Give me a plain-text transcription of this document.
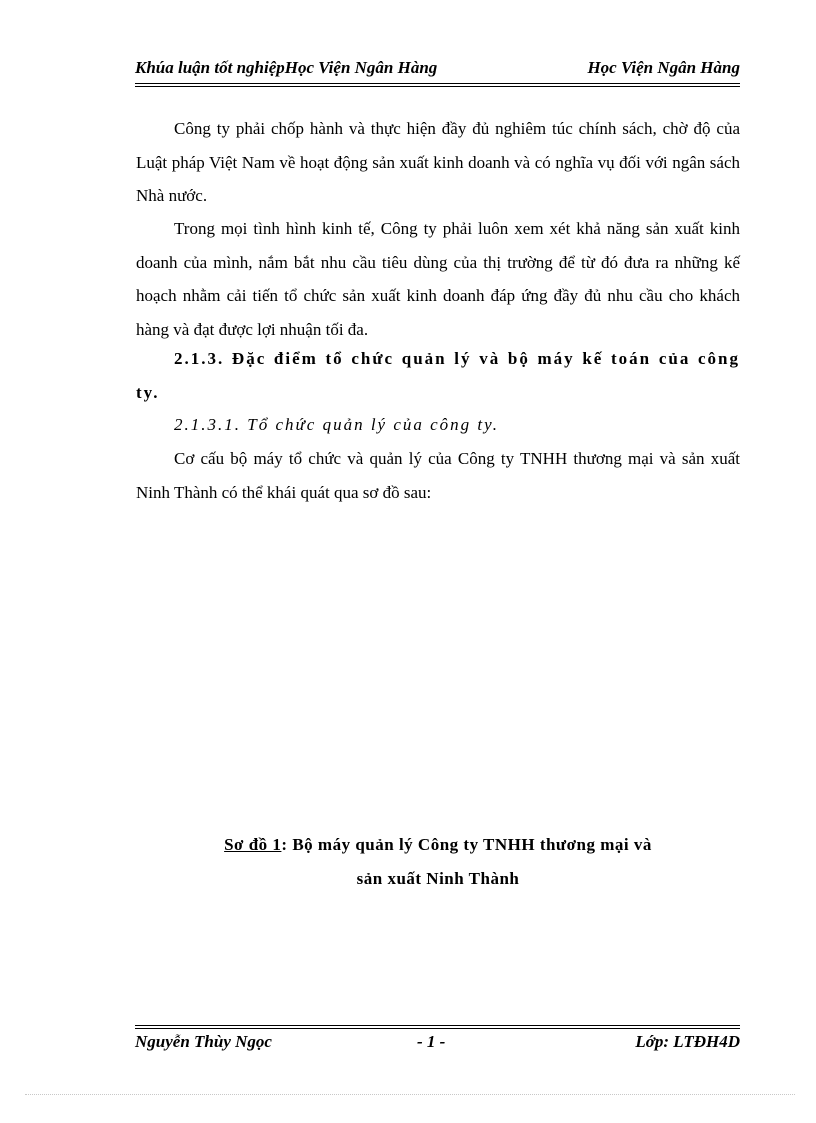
Khúa luận tốt nghiệpHọc Viện Ngân Hàng	Học Viện Ngân Hàng

Công ty phải chốp hành và thực hiện đầy đủ nghiêm túc chính sách, chờ độ của Luật pháp Việt Nam về hoạt động sản xuất kinh doanh và có nghĩa vụ đối với ngân sách Nhà nước.

Trong mọi tình hình kinh tế, Công ty phải luôn xem xét khả năng sản xuất kinh doanh của mình, nắm bắt nhu cầu tiêu dùng của thị trường để từ đó đưa ra những kế hoạch nhằm cải tiến tổ chức sản xuất kinh doanh đáp ứng đầy đủ nhu cầu cho khách hàng và đạt được lợi nhuận tối đa.

2.1.3. Đặc điểm tổ chức quản lý và bộ máy kế toán của công ty.

2.1.3.1. Tổ chức quản lý của công ty.

Cơ cấu bộ máy tổ chức và quản lý của Công ty TNHH thương mại và sản xuất Ninh Thành có thể khái quát qua sơ đồ sau:

Sơ đồ 1: Bộ máy quản lý Công ty TNHH thương mại và

sản xuất Ninh Thành

Nguyễn Thùy Ngọc	- 1 -	Lớp: LTĐH4D
